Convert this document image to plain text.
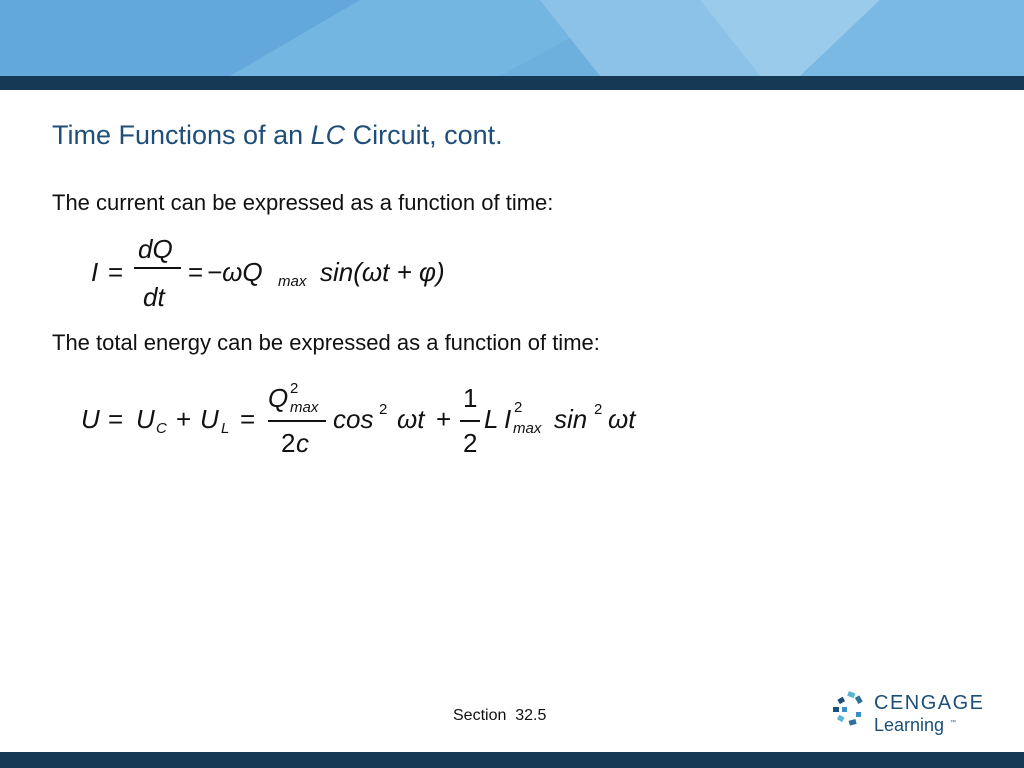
Time Functions of an LC Circuit, cont.

The current can be expressed as a function of time:

I =
dQ
dt
= −ωQ max sin(ωt + φ)

The total energy can be expressed as a function of time:

U = U C + U L =
Q 2
max
2 c
cos 2 ωt +
1
2
L I 2
max sin 2 ωt
Section  32.5
CENGAGE
Learning ™
